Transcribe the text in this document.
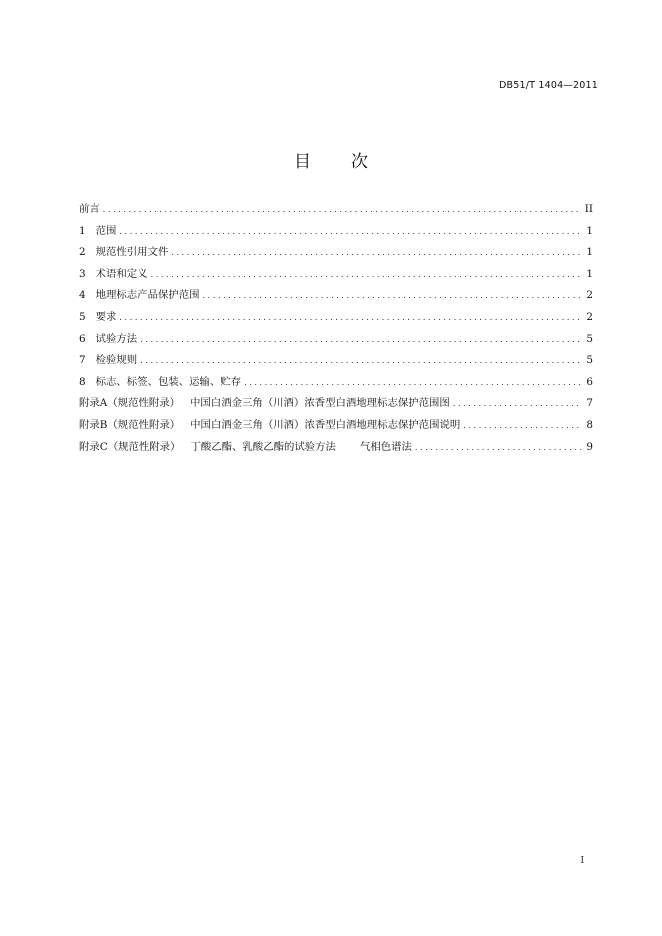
DB51/T 1404—2011
目 次
前言 .....	II
1 范围 .....	1
2 规范性引用文件 .....	1
3 术语和定义 .....	1
4 地理标志产品保护范围 .....	2
5 要求 .....	2
6 试验方法 .....	5
7 检验规则 .....	5
8 标志、标签、包装、运输、贮存 .....	6
附录A（规范性附录） 中国白酒金三角（川酒）浓香型白酒地理标志保护范围图 .....	7
附录B（规范性附录） 中国白酒金三角（川酒）浓香型白酒地理标志保护范围说明 .....	8
附录C（规范性附录） 丁酸乙酯、乳酸乙酯的试验方法 气相色谱法 .....	9
I
